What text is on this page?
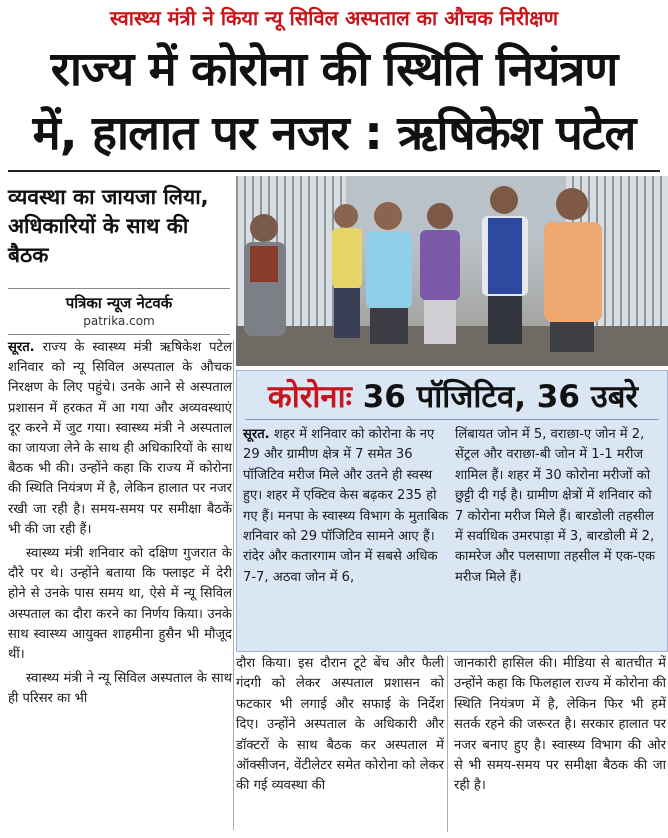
स्वास्थ्य मंत्री ने किया न्यू सिविल अस्पताल का औचक निरीक्षण
राज्य में कोरोना की स्थिति नियंत्रण
में, हालात पर नजर : ऋषिकेश पटेल
व्यवस्था का जायजा लिया, अधिकारियों के साथ की बैठक
पत्रिका न्यूज नेटवर्क
patrika.com

सूरत. राज्य के स्वास्थ्य मंत्री ऋषिकेश पटेल शनिवार को न्यू सिविल अस्पताल के औचक निरक्षण के लिए पहुंचे। उनके आने से अस्पताल प्रशासन में हरकत में आ गया और अव्यवस्थाएं दूर करने में जुट गया। स्वास्थ्य मंत्री ने अस्पताल का जायजा लेने के साथ ही अधिकारियों के साथ बैठक भी की। उन्होंने कहा कि राज्य में कोरोना की स्थिति नियंत्रण में है, लेकिन हालात पर नजर रखी जा रही है। समय-समय पर समीक्षा बैठकें भी की जा रही हैं।

स्वास्थ्य मंत्री शनिवार को दक्षिण गुजरात के दौरे पर थे। उन्होंने बताया कि फ्लाइट में देरी होने से उनके पास समय था, ऐसे में न्यू सिविल अस्पताल का दौरा करने का निर्णय किया। उनके साथ स्वास्थ्य आयुक्त शाहमीना हुसैन भी मौजूद थीं।

स्वास्थ्य मंत्री ने न्यू सिविल अस्पताल के साथ ही परिसर का भी

कोरोनाः 36 पॉजिटिव, 36 उबरे

सूरत. शहर में शनिवार को कोरोना के नए 29 और ग्रामीण क्षेत्र में 7 समेत 36 पॉजिटिव मरीज मिले और उतने ही स्वस्थ हुए। शहर में एक्टिव केस बढ़कर 235 हो गए हैं। मनपा के स्वास्थ्य विभाग के मुताबिक शनिवार को 29 पॉजिटिव सामने आए हैं। रांदेर और कतारगाम जोन में सबसे अधिक 7-7, अठवा जोन में 6,

लिंबायत जोन में 5, वराछा-ए जोन में 2, सेंट्रल और वराछा-बी जोन में 1-1 मरीज शामिल हैं। शहर में 30 कोरोना मरीजों को छुट्टी दी गई है। ग्रामीण क्षेत्रों में शनिवार को 7 कोरोना मरीज मिले हैं। बारडोली तहसील में सर्वाधिक उमरपाड़ा में 3, बारडोली में 2, कामरेज और पलसाणा तहसील में एक-एक मरीज मिले हैं।

दौरा किया। इस दौरान टूटे बेंच और फैली गंदगी को लेकर अस्पताल प्रशासन को फटकार भी लगाई और सफाई के निर्देश दिए। उन्होंने अस्पताल के अधिकारी और डॉक्टरों के साथ बैठक कर अस्पताल में ऑक्सीजन, वेंटीलेटर समेत कोरोना को लेकर की गई व्यवस्था की

जानकारी हासिल की। मीडिया से बातचीत में उन्होंने कहा कि फिलहाल राज्य में कोरोना की स्थिति नियंत्रण में है, लेकिन फिर भी हमें सतर्क रहने की जरूरत है। सरकार हालात पर नजर बनाए हुए है। स्वास्थ्य विभाग की ओर से भी समय-समय पर समीक्षा बैठक की जा रही है।
